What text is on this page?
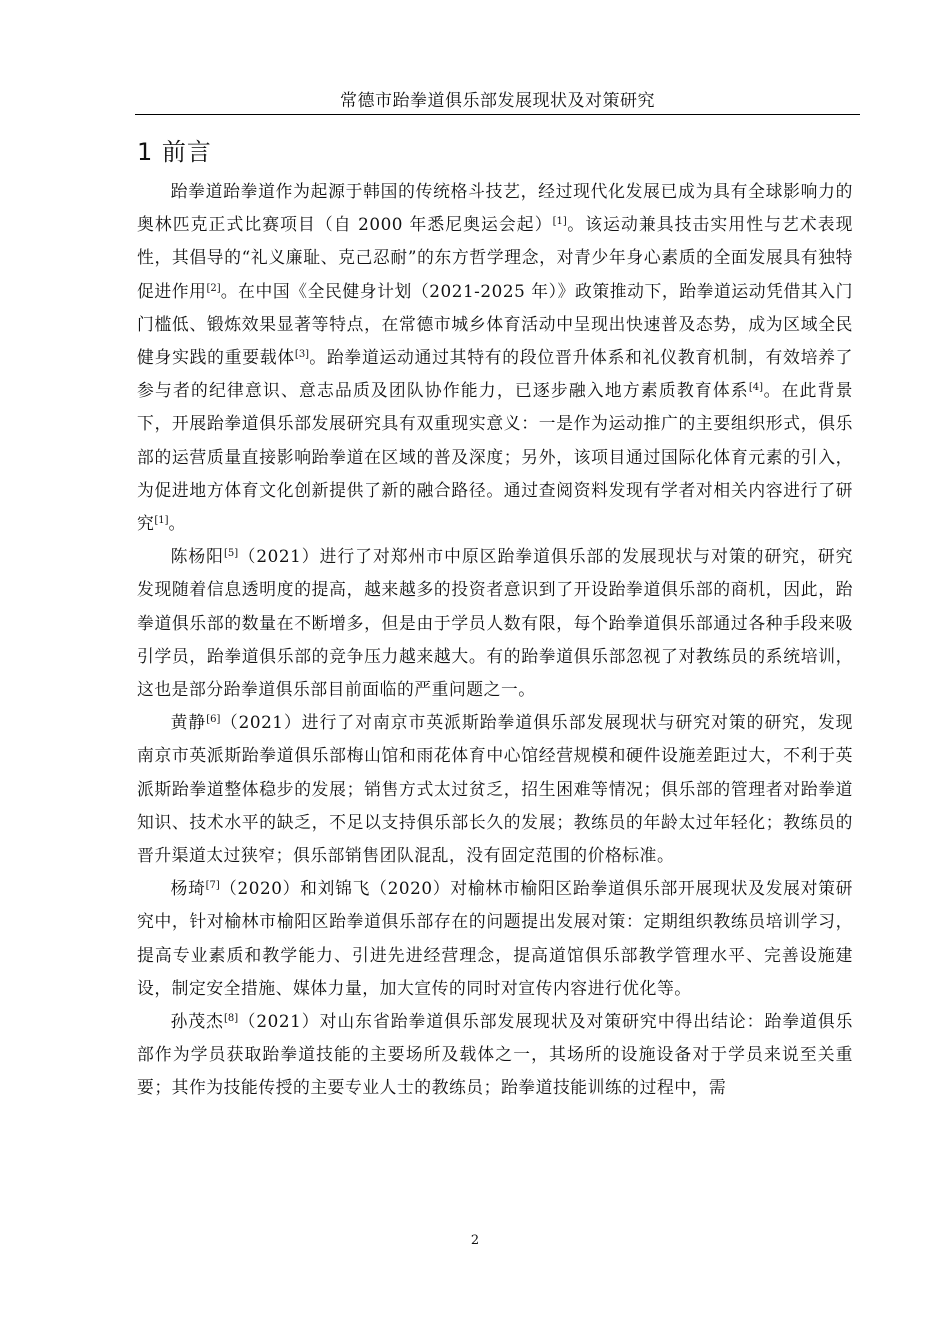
常德市跆拳道俱乐部发展现状及对策研究
1 前言

跆拳道跆拳道作为起源于韩国的传统格斗技艺，经过现代化发展已成为具有全球影响力的奥林匹克正式比赛项目（自 2000 年悉尼奥运会起）[1]。该运动兼具技击实用性与艺术表现性，其倡导的“礼义廉耻、克己忍耐”的东方哲学理念，对青少年身心素质的全面发展具有独特促进作用[2]。在中国《全民健身计划（2021-2025 年）》政策推动下，跆拳道运动凭借其入门门槛低、锻炼效果显著等特点，在常德市城乡体育活动中呈现出快速普及态势，成为区域全民健身实践的重要载体[3]。跆拳道运动通过其特有的段位晋升体系和礼仪教育机制，有效培养了参与者的纪律意识、意志品质及团队协作能力，已逐步融入地方素质教育体系[4]。在此背景下，开展跆拳道俱乐部发展研究具有双重现实意义：一是作为运动推广的主要组织形式，俱乐部的运营质量直接影响跆拳道在区域的普及深度；另外，该项目通过国际化体育元素的引入，为促进地方体育文化创新提供了新的融合路径。通过查阅资料发现有学者对相关内容进行了研究[1]。

陈杨阳[5]（2021）进行了对郑州市中原区跆拳道俱乐部的发展现状与对策的研究，研究发现随着信息透明度的提高，越来越多的投资者意识到了开设跆拳道俱乐部的商机，因此，跆拳道俱乐部的数量在不断增多，但是由于学员人数有限，每个跆拳道俱乐部通过各种手段来吸引学员，跆拳道俱乐部的竞争压力越来越大。有的跆拳道俱乐部忽视了对教练员的系统培训，这也是部分跆拳道俱乐部目前面临的严重问题之一。

黄静[6]（2021）进行了对南京市英派斯跆拳道俱乐部发展现状与研究对策的研究，发现南京市英派斯跆拳道俱乐部梅山馆和雨花体育中心馆经营规模和硬件设施差距过大，不利于英派斯跆拳道整体稳步的发展；销售方式太过贫乏，招生困难等情况；俱乐部的管理者对跆拳道知识、技术水平的缺乏，不足以支持俱乐部长久的发展；教练员的年龄太过年轻化；教练员的晋升渠道太过狭窄；俱乐部销售团队混乱，没有固定范围的价格标准。

杨琦[7]（2020）和刘锦飞（2020）对榆林市榆阳区跆拳道俱乐部开展现状及发展对策研究中，针对榆林市榆阳区跆拳道俱乐部存在的问题提出发展对策：定期组织教练员培训学习，提高专业素质和教学能力、引进先进经营理念，提高道馆俱乐部教学管理水平、完善设施建设，制定安全措施、媒体力量，加大宣传的同时对宣传内容进行优化等。

孙茂杰[8]（2021）对山东省跆拳道俱乐部发展现状及对策研究中得出结论：跆拳道俱乐部作为学员获取跆拳道技能的主要场所及载体之一，其场所的设施设备对于学员来说至关重要；其作为技能传授的主要专业人士的教练员；跆拳道技能训练的过程中，需

2
